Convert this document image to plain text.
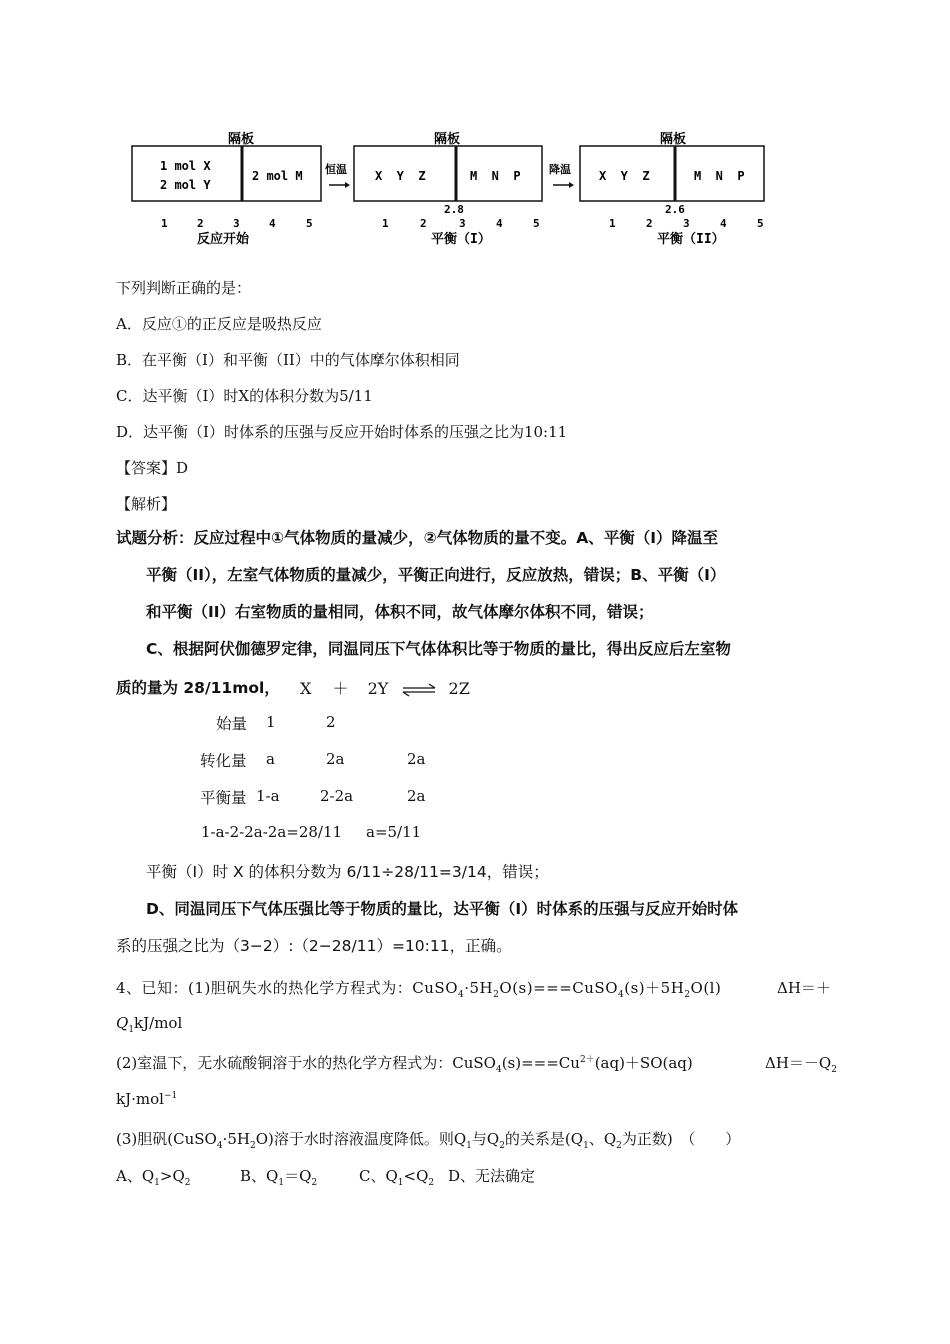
隔板
1 mol X
2 mol Y
2 mol M
1	2	3	4	5
反应开始
恒温
隔板
X  Y  Z	M  N  P
2.8
1	2	3	4	5
平衡（I）
降温
隔板
X  Y  Z	M  N  P
2.6
1	2	3	4	5
平衡（II）
下列判断正确的是：
A．反应①的正反应是吸热反应
B．在平衡（I）和平衡（II）中的气体摩尔体积相同
C．达平衡（I）时X的体积分数为5/11
D．达平衡（I）时体系的压强与反应开始时体系的压强之比为10:11
【答案】D
【解析】
试题分析：反应过程中①气体物质的量减少，②气体物质的量不变。A、平衡（I）降温至
平衡（II），左室气体物质的量减少，平衡正向进行，反应放热，错误；B、平衡（I）
和平衡（II）右室物质的量相同，体积不同，故气体摩尔体积不同，错误；
C、根据阿伏伽德罗定律，同温同压下气体体积比等于物质的量比，得出反应后左室物
质的量为 28/11mol， X ＋ 2Y ⇌ 2Z
始量 1	2
转化量 a	2a	2a
平衡量 1-a	2-2a	2a
1-a-2-2a-2a=28/11 a=5/11
平衡（I）时 X 的体积分数为 6/11÷28/11=3/14，错误；
D、同温同压下气体压强比等于物质的量比，达平衡（I）时体系的压强与反应开始时体
系的压强之比为（3−2）:（2−28/11）=10:11，正确。
4、已知：(1)胆矾失水的热化学方程式为：$CuSO_4\cdot 5H_2O(s)===CuSO_4(s)+5H_2O(l)$	ΔH＝＋
$Q_1kJ$/mol
(2)室温下，无水硫酸铜溶于水的热化学方程式为：$CuSO_4(s)===Cu^{2+}(aq)+SO(aq)$	$\Delta H=-Q_2$
kJ·mol$^{-1}$
(3)胆矾$(CuSO_4\cdot 5H_2O)$溶于水时溶液温度降低。则$Q_1$与$Q_2$的关系是($Q_1$、$Q_2$为正数)　（　　）
A、$Q_1>Q_2$	B、$Q_1=Q_2$	C、$Q_1<Q_2$ D、无法确定
